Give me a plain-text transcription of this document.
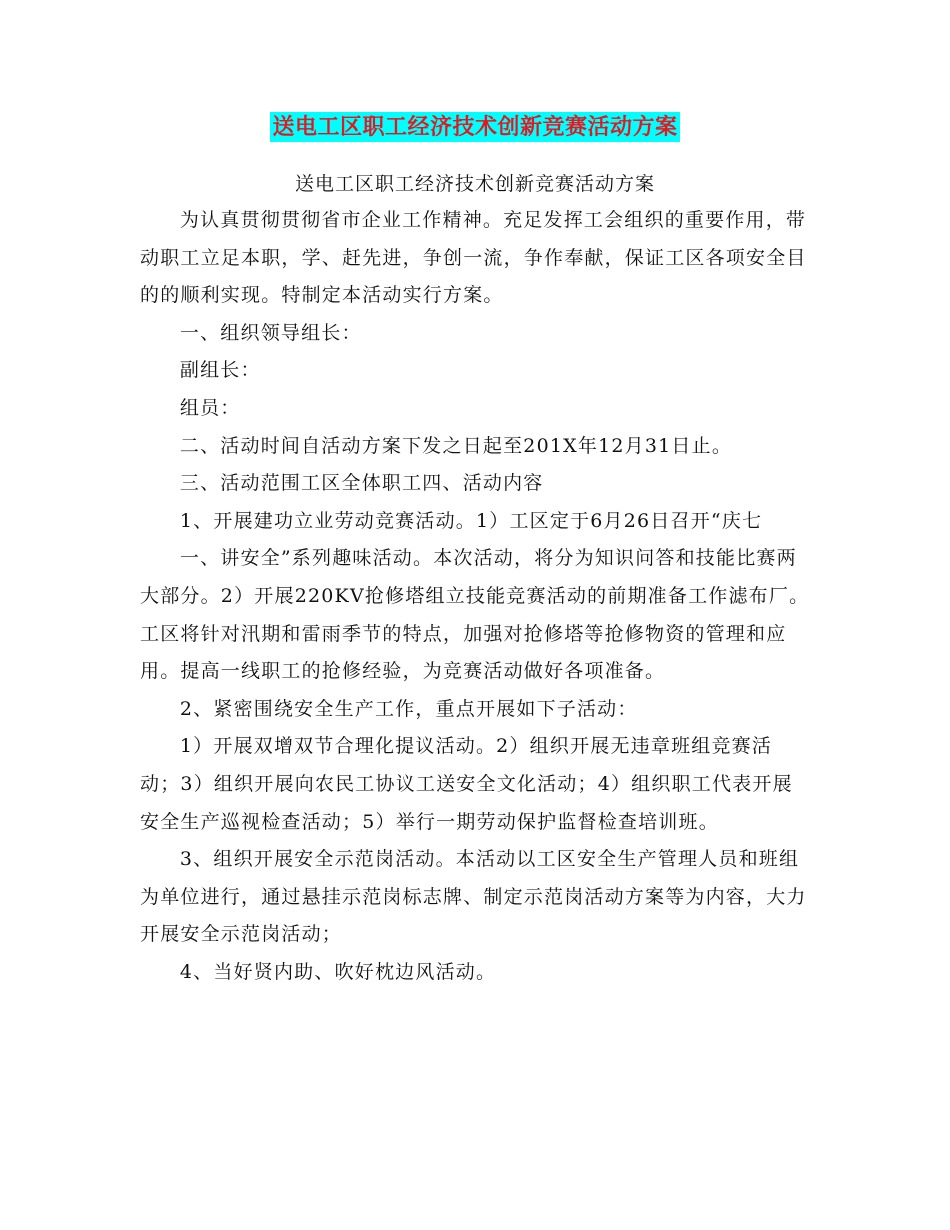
送电工区职工经济技术创新竞赛活动方案
送电工区职工经济技术创新竞赛活动方案

为认真贯彻贯彻省市企业工作精神。充足发挥工会组织的重要作用，带动职工立足本职，学、赶先进，争创一流，争作奉献，保证工区各项安全目的的顺利实现。特制定本活动实行方案。

一、组织领导组长：

副组长：

组员：

二、活动时间自活动方案下发之日起至201X年12月31日止。

三、活动范围工区全体职工四、活动内容

1、开展建功立业劳动竞赛活动。1）工区定于6月26日召开“庆七

一、讲安全”系列趣味活动。本次活动，将分为知识问答和技能比赛两大部分。2）开展220KV抢修塔组立技能竞赛活动的前期准备工作滤布厂。工区将针对汛期和雷雨季节的特点，加强对抢修塔等抢修物资的管理和应用。提高一线职工的抢修经验，为竞赛活动做好各项准备。

2、紧密围绕安全生产工作，重点开展如下子活动：

1）开展双增双节合理化提议活动。2）组织开展无违章班组竞赛活动；3）组织开展向农民工协议工送安全文化活动；4）组织职工代表开展安全生产巡视检查活动；5）举行一期劳动保护监督检查培训班。

3、组织开展安全示范岗活动。本活动以工区安全生产管理人员和班组为单位进行，通过悬挂示范岗标志牌、制定示范岗活动方案等为内容，大力开展安全示范岗活动；

4、当好贤内助、吹好枕边风活动。
